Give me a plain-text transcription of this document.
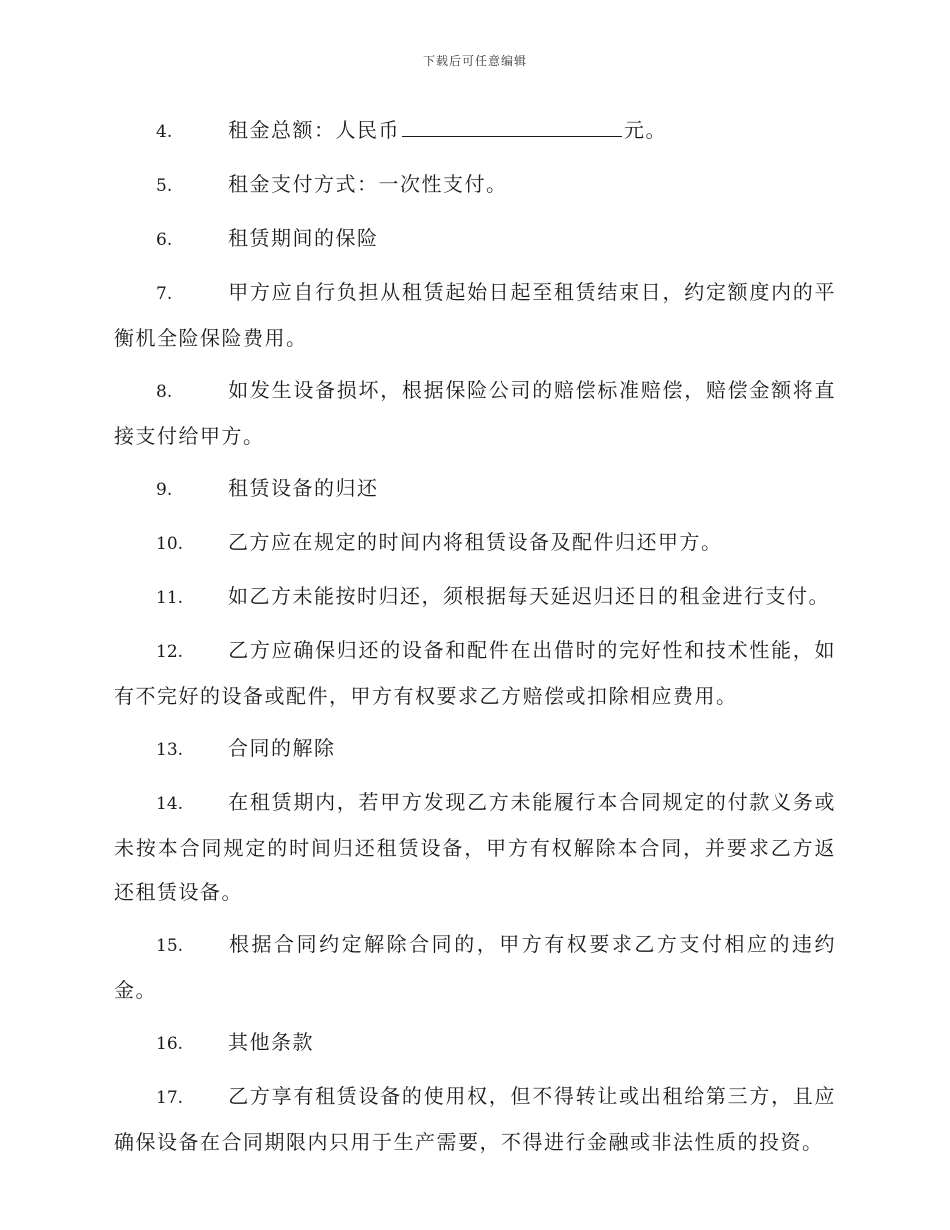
下载后可任意编辑
4.	租金总额：人民币	元。
5.	租金支付方式：一次性支付。
6.	租赁期间的保险
7.	甲方应自行负担从租赁起始日起至租赁结束日，约定额度内的平衡机全险保险费用。
8.	如发生设备损坏，根据保险公司的赔偿标准赔偿，赔偿金额将直接支付给甲方。
9.	租赁设备的归还
10. 乙方应在规定的时间内将租赁设备及配件归还甲方。
11. 如乙方未能按时归还，须根据每天延迟归还日的租金进行支付。
12. 乙方应确保归还的设备和配件在出借时的完好性和技术性能，如有不完好的设备或配件，甲方有权要求乙方赔偿或扣除相应费用。
13. 合同的解除
14. 在租赁期内，若甲方发现乙方未能履行本合同规定的付款义务或未按本合同规定的时间归还租赁设备，甲方有权解除本合同，并要求乙方返还租赁设备。
15. 根据合同约定解除合同的，甲方有权要求乙方支付相应的违约金。
16. 其他条款
17. 乙方享有租赁设备的使用权，但不得转让或出租给第三方，且应确保设备在合同期限内只用于生产需要，不得进行金融或非法性质的投资。
